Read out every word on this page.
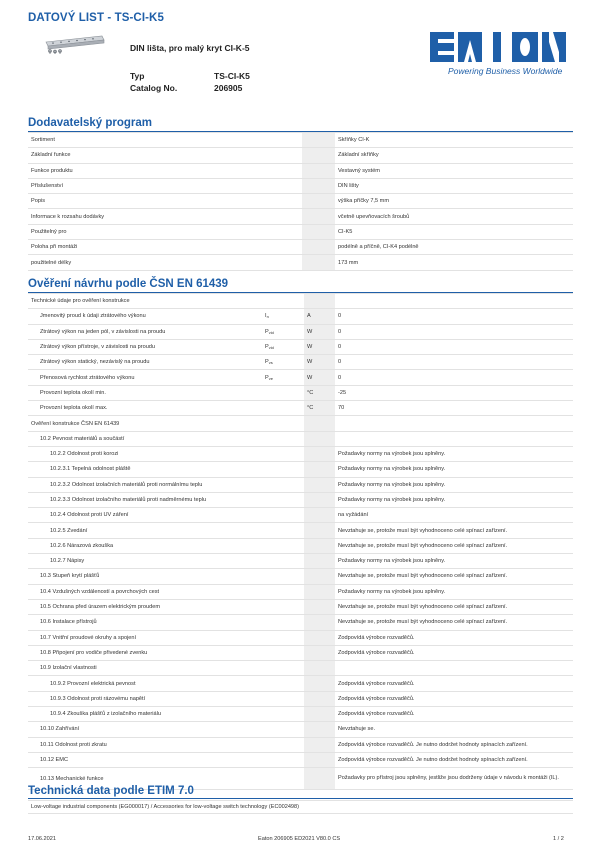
DATOVÝ LIST - TS-CI-K5
DIN lišta, pro malý kryt CI-K-5
Typ	TS-CI-K5
Catalog No.	206905
Powering Business Worldwide
Dodavatelský program
Sortiment			Skříňky CI-K
Základní funkce			Základní skříňky
Funkce produktu			Vestavný systém
Příslušenství			DIN lišty
Popis			výška příčky 7,5 mm
Informace k rozsahu dodávky			včetně upevňovacích šroubů
Použitelný pro			CI-K5
Poloha při montáži			podélně a příčně, CI-K4 podélně
použitelné délky			173 mm
Ověření návrhu podle ČSN EN 61439
Technické údaje pro ověření konstrukce			
Jmenovitý proud k údaji ztrátového výkonu	$I_n$	A	0
Ztrátový výkon na jeden pól, v závislosti na proudu	$P_{vid}$	W	0
Ztrátový výkon přístroje, v závislosti na proudu	$P_{vid}$	W	0
Ztrátový výkon statický, nezávislý na proudu	$P_{vs}$	W	0
Přenosová rychlost ztrátového výkonu	$P_{ve}$	W	0
Provozní teplota okolí min.		°C	-25
Provozní teplota okolí max.		°C	70
Ověření konstrukce ČSN EN 61439			
10.2 Pevnost materiálů a součástí			
10.2.2 Odolnost proti korozi			Požadavky normy na výrobek jsou splněny.
10.2.3.1 Tepelná odolnost pláště			Požadavky normy na výrobek jsou splněny.
10.2.3.2 Odolnost izolačních materiálů proti normálnímu teplu			Požadavky normy na výrobek jsou splněny.
10.2.3.3 Odolnost izolačního materiálů proti nadměrnému teplu			Požadavky normy na výrobek jsou splněny.
10.2.4 Odolnost proti UV záření			na vyžádání
10.2.5 Zvedání			Nevztahuje se, protože musí být vyhodnoceno celé spínací zařízení.
10.2.6 Nárazová zkouška			Nevztahuje se, protože musí být vyhodnoceno celé spínací zařízení.
10.2.7 Nápisy			Požadavky normy na výrobek jsou splněny.
10.3 Stupeň krytí plášťů			Nevztahuje se, protože musí být vyhodnoceno celé spínací zařízení.
10.4 Vzdušných vzdáleností a povrchových cest			Požadavky normy na výrobek jsou splněny.
10.5 Ochrana před úrazem elektrickým proudem			Nevztahuje se, protože musí být vyhodnoceno celé spínací zařízení.
10.6 Instalace přístrojů			Nevztahuje se, protože musí být vyhodnoceno celé spínací zařízení.
10.7 Vnitřní proudové okruhy a spojení			Zodpovídá výrobce rozvaděčů.
10.8 Připojení pro vodiče přivedené zvenku			Zodpovídá výrobce rozvaděčů.
10.9 Izolační vlastnosti			
10.9.2 Provozní elektrická pevnost			Zodpovídá výrobce rozvaděčů.
10.9.3 Odolnost proti rázovému napětí			Zodpovídá výrobce rozvaděčů.
10.9.4 Zkouška plášťů z izolačního materiálu			Zodpovídá výrobce rozvaděčů.
10.10 Zahřívání			Nevztahuje se.
10.11 Odolnost proti zkratu			Zodpovídá výrobce rozvaděčů. Je nutno dodržet hodnoty spínacích zařízení.
10.12 EMC			Zodpovídá výrobce rozvaděčů. Je nutno dodržet hodnoty spínacích zařízení.
10.13 Mechanické funkce			Požadavky pro přístroj jsou splněny, jestliže jsou dodrženy údaje v návodu k montáži (IL).
Technická data podle ETIM 7.0
Low-voltage industrial components (EG000017) / Accessories for low-voltage switch technology (EC002498)
17.06.2021	Eaton 206905 ED2021 V80.0 CS	1 / 2
